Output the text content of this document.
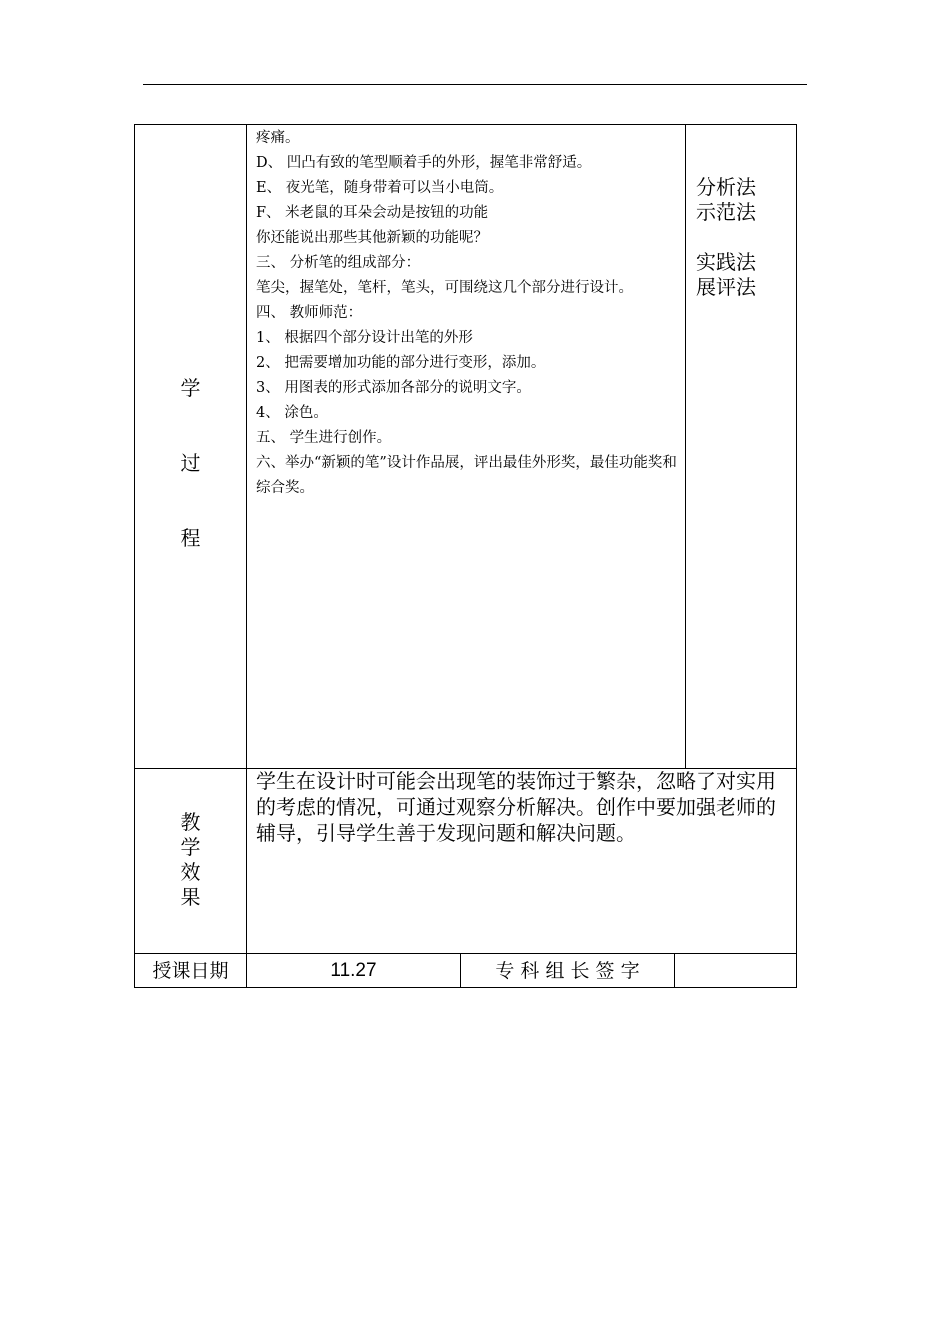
学
过
程
疼痛。
D、 凹凸有致的笔型顺着手的外形，握笔非常舒适。
E、 夜光笔，随身带着可以当小电筒。
F、 米老鼠的耳朵会动是按钮的功能
你还能说出那些其他新颖的功能呢？
三、 分析笔的组成部分：
笔尖，握笔处，笔杆，笔头，可围绕这几个部分进行设计。
四、 教师师范：
1、 根据四个部分设计出笔的外形
2、 把需要增加功能的部分进行变形，添加。
3、 用图表的形式添加各部分的说明文字。
4、 涂色。
五、 学生进行创作。
六、举办“新颖的笔”设计作品展，评出最佳外形奖，最佳功能奖和综合奖。
分析法
示范法
实践法
展评法
教
学
效
果
学生在设计时可能会出现笔的装饰过于繁杂，忽略了对实用的考虑的情况，可通过观察分析解决。创作中要加强老师的辅导，引导学生善于发现问题和解决问题。
授课日期	11.27	专 科 组 长 签 字
